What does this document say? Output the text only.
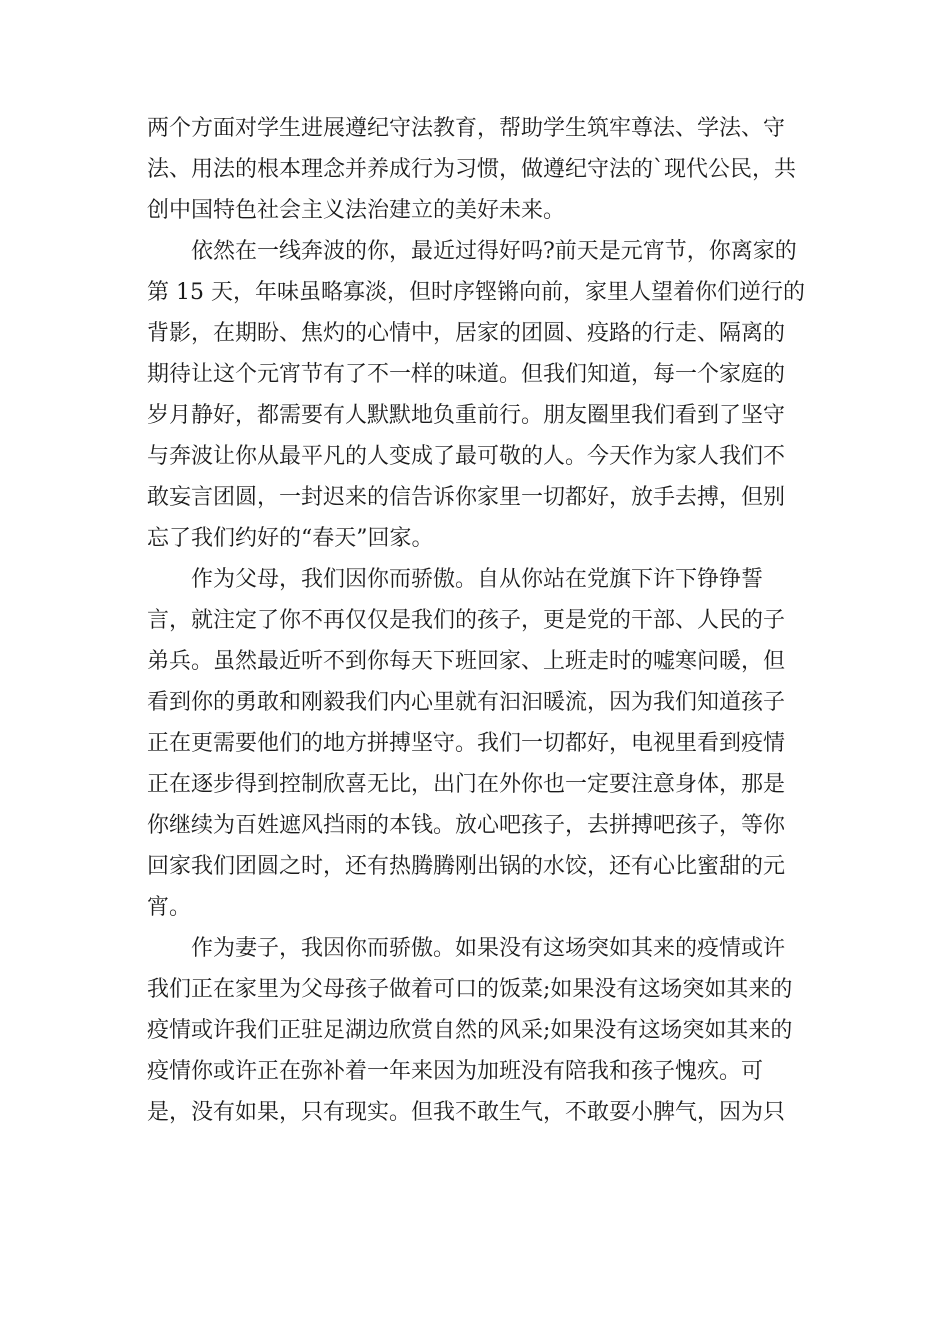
两个方面对学生进展遵纪守法教育，帮助学生筑牢尊法、学法、守
法、用法的根本理念并养成行为习惯，做遵纪守法的`现代公民，共
创中国特色社会主义法治建立的美好未来。
依然在一线奔波的你，最近过得好吗?前天是元宵节，你离家的
第 15 天，年味虽略寡淡，但时序铿锵向前，家里人望着你们逆行的
背影，在期盼、焦灼的心情中，居家的团圆、疫路的行走、隔离的
期待让这个元宵节有了不一样的味道。但我们知道，每一个家庭的
岁月静好，都需要有人默默地负重前行。朋友圈里我们看到了坚守
与奔波让你从最平凡的人变成了最可敬的人。今天作为家人我们不
敢妄言团圆，一封迟来的信告诉你家里一切都好，放手去搏，但别
忘了我们约好的“春天”回家。
作为父母，我们因你而骄傲。自从你站在党旗下许下铮铮誓
言，就注定了你不再仅仅是我们的孩子，更是党的干部、人民的子
弟兵。虽然最近听不到你每天下班回家、上班走时的嘘寒问暖，但
看到你的勇敢和刚毅我们内心里就有汩汩暖流，因为我们知道孩子
正在更需要他们的地方拼搏坚守。我们一切都好，电视里看到疫情
正在逐步得到控制欣喜无比，出门在外你也一定要注意身体，那是
你继续为百姓遮风挡雨的本钱。放心吧孩子，去拼搏吧孩子，等你
回家我们团圆之时，还有热腾腾刚出锅的水饺，还有心比蜜甜的元
宵。
作为妻子，我因你而骄傲。如果没有这场突如其来的疫情或许
我们正在家里为父母孩子做着可口的饭菜;如果没有这场突如其来的
疫情或许我们正驻足湖边欣赏自然的风采;如果没有这场突如其来的
疫情你或许正在弥补着一年来因为加班没有陪我和孩子愧疚。可
是，没有如果，只有现实。但我不敢生气，不敢耍小脾气，因为只
